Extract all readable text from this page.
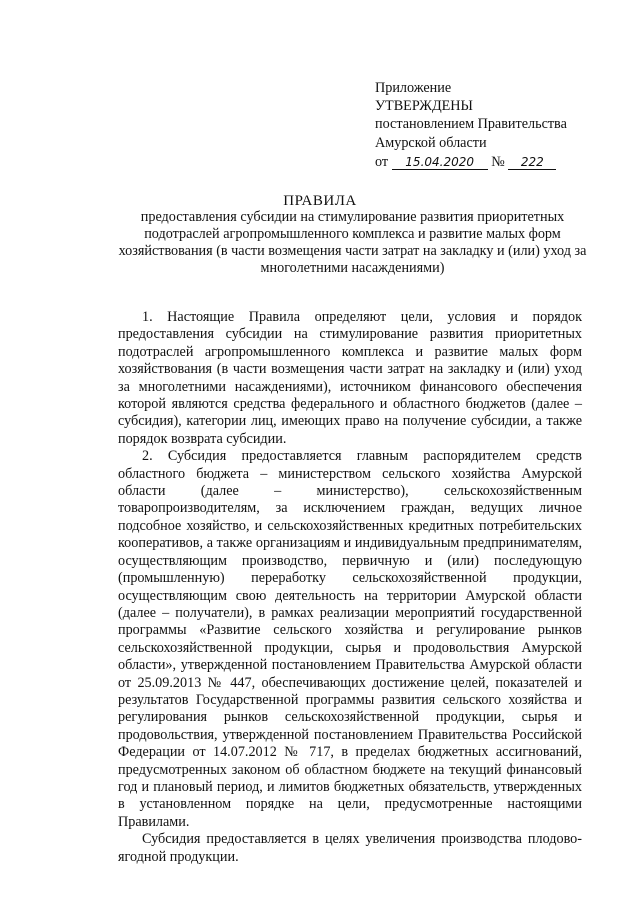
Приложение
УТВЕРЖДЕНЫ
постановлением Правительства
Амурской области
от 15.04.2020 № 222
ПРАВИЛА
предоставления субсидии на стимулирование развития приоритетных подотраслей агропромышленного комплекса и развитие малых форм хозяйствования (в части возмещения части затрат на закладку и (или) уход за многолетними насаждениями)

1. Настоящие Правила определяют цели, условия и порядок предоставления субсидии на стимулирование развития приоритетных подотраслей агропромышленного комплекса и развитие малых форм хозяйствования (в части возмещения части затрат на закладку и (или) уход за многолетними насаждениями), источником финансового обеспечения которой являются средства федерального и областного бюджетов (далее – субсидия), категории лиц, имеющих право на получение субсидии, а также порядок возврата субсидии.

2. Субсидия предоставляется главным распорядителем средств областного бюджета – министерством сельского хозяйства Амурской области (далее – министерство), сельскохозяйственным товаропроизводителям, за исключением граждан, ведущих личное подсобное хозяйство, и сельскохозяйственных кредитных потребительских кооперативов, а также организациям и индивидуальным предпринимателям, осуществляющим производство, первичную и (или) последующую (промышленную) переработку сельскохозяйственной продукции, осуществляющим свою деятельность на территории Амурской области (далее – получатели), в рамках реализации мероприятий государственной программы «Развитие сельского хозяйства и регулирование рынков сельскохозяйственной продукции, сырья и продовольствия Амурской области», утвержденной постановлением Правительства Амурской области от 25.09.2013 № 447, обеспечивающих достижение целей, показателей и результатов Государственной программы развития сельского хозяйства и регулирования рынков сельскохозяйственной продукции, сырья и продовольствия, утвержденной постановлением Правительства Российской Федерации от 14.07.2012 № 717, в пределах бюджетных ассигнований, предусмотренных законом об областном бюджете на текущий финансовый год и плановый период, и лимитов бюджетных обязательств, утвержденных в установленном порядке на цели, предусмотренные настоящими Правилами.

Субсидия предоставляется в целях увеличения производства плодово-ягодной продукции.
